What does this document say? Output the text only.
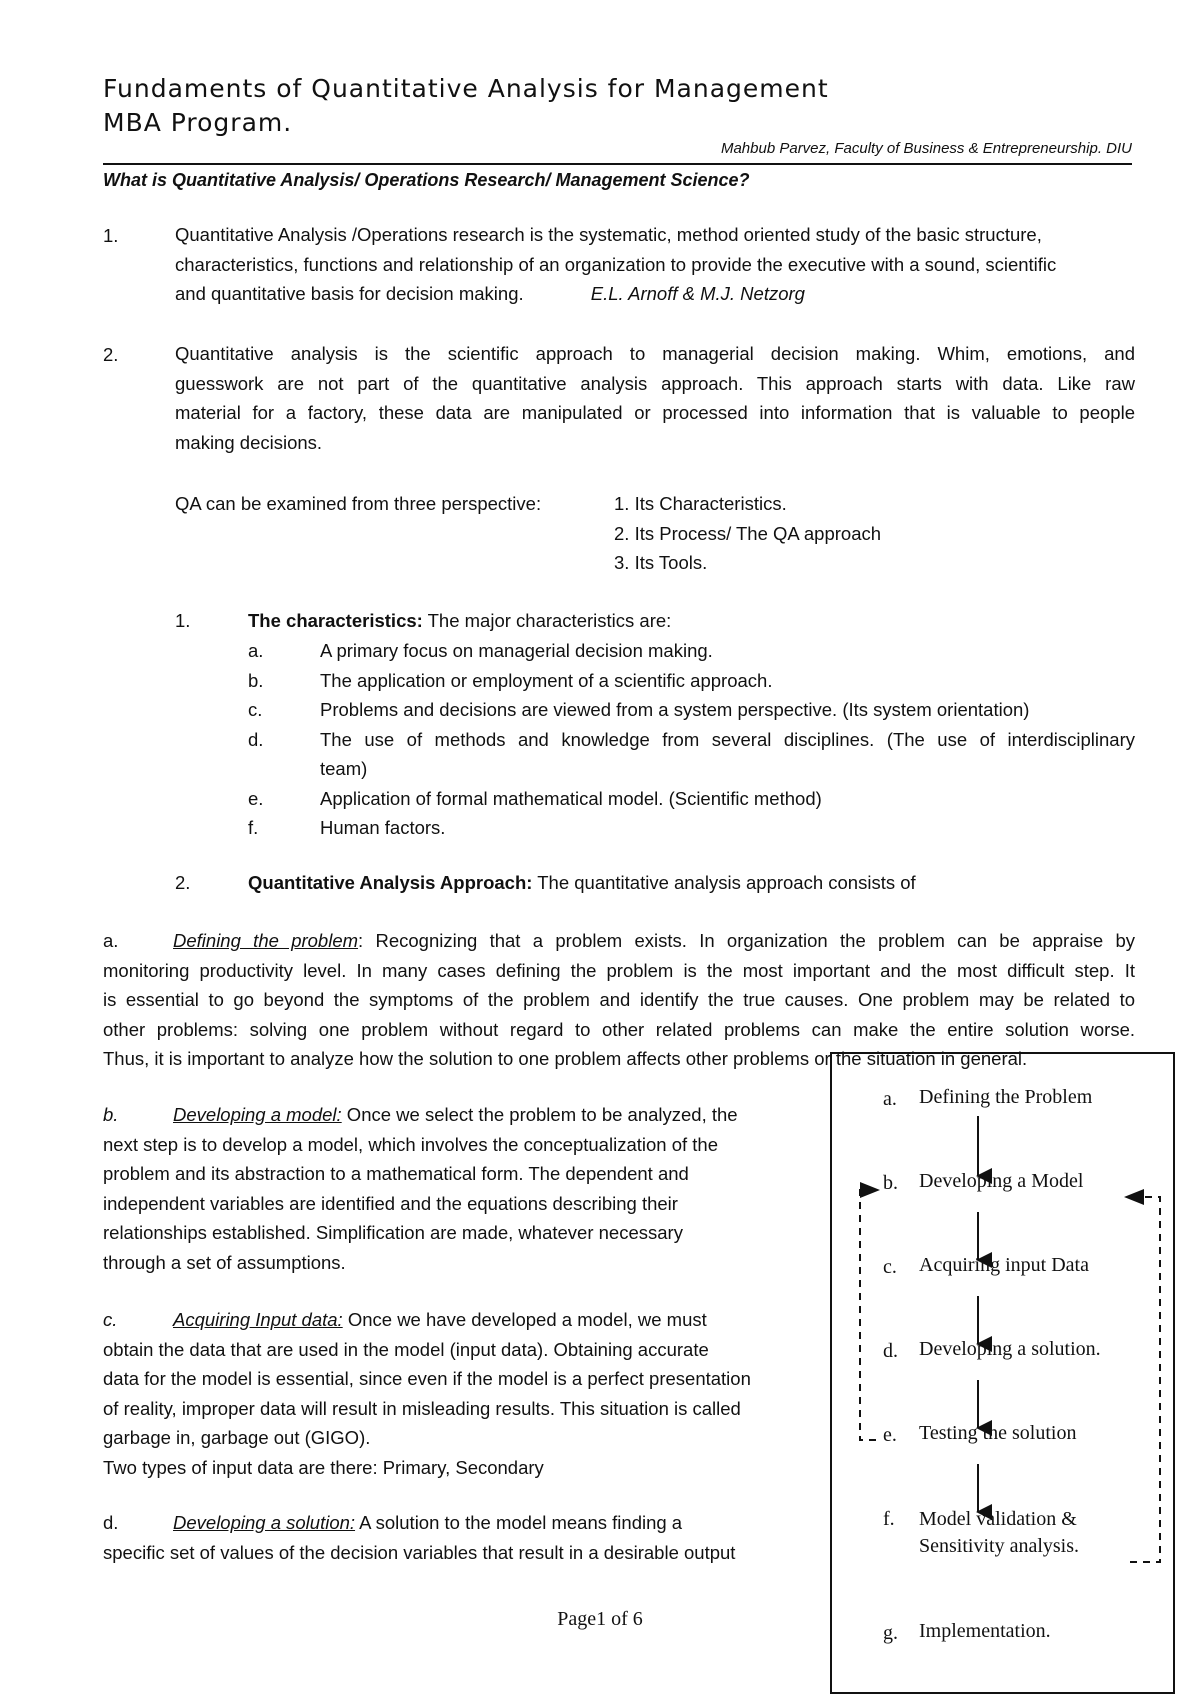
Fundaments of Quantitative Analysis for Management
MBA Program.
Mahbub Parvez, Faculty of Business & Entrepreneurship. DIU
What is Quantitative Analysis/ Operations Research/ Management Science?
1.	Quantitative Analysis /Operations research is the systematic, method oriented study of the basic structure,
characteristics, functions and relationship of an organization to provide the executive with a sound, scientific
and quantitative basis for decision making.	E.L. Arnoff & M.J. Netzorg
2.	Quantitative analysis is the scientific approach to managerial decision making. Whim, emotions, and
guesswork are not part of the quantitative analysis approach. This approach starts with data. Like raw
material for a factory, these data are manipulated or processed into information that is valuable to people
making decisions.
QA can be examined from three perspective:	1. Its Characteristics.
2. Its Process/ The QA approach
3. Its Tools.
1.	The characteristics: The major characteristics are:
a.
b.
c.
d.

e.
f.
A primary focus on managerial decision making.
The application or employment of a scientific approach.
Problems and decisions are viewed from a system perspective. (Its system orientation)
The use of methods and knowledge from several disciplines. (The use of interdisciplinary
team)
Application of formal mathematical model. (Scientific method)
Human factors.
2.	Quantitative Analysis Approach: The quantitative analysis approach consists of
a.	Defining the problem: Recognizing that a problem exists. In organization the problem can be appraise by
monitoring productivity level. In many cases defining the problem is the most important and the most difficult step. It
is essential to go beyond the symptoms of the problem and identify the true causes. One problem may be related to
other problems: solving one problem without regard to other related problems can make the entire solution worse.
Thus, it is important to analyze how the solution to one problem affects other problems or the situation in general.
b.	Developing a model: Once we select the problem to be analyzed, the
next step is to develop a model, which involves the conceptualization of the
problem and its abstraction to a mathematical form. The dependent and
independent variables are identified and the equations describing their
relationships established. Simplification are made, whatever necessary
through a set of assumptions.
c.	Acquiring Input data: Once we have developed a model, we must
obtain the data that are used in the model (input data). Obtaining accurate
data for the model is essential, since even if the model is a perfect presentation
of reality, improper data will result in misleading results. This situation is called
garbage in, garbage out (GIGO).
Two types of input data are there: Primary, Secondary
d.	Developing a solution: A solution to the model means finding a
specific set of values of the decision variables that result in a desirable output
Page1 of 6
a. Defining the Problem
b. Developing a Model
c. Acquiring input Data
d. Developing a solution.
e. Testing the solution
f. Model validation &
Sensitivity analysis.
g. Implementation.
